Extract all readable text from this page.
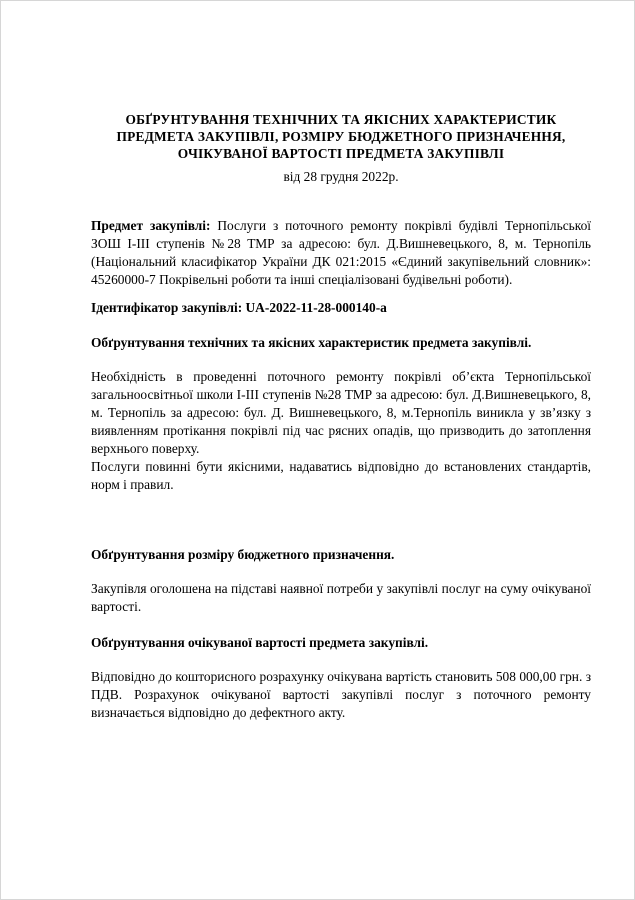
ОБҐРУНТУВАННЯ ТЕХНІЧНИХ ТА ЯКІСНИХ ХАРАКТЕРИСТИК ПРЕДМЕТА ЗАКУПІВЛІ, РОЗМІРУ БЮДЖЕТНОГО ПРИЗНАЧЕННЯ, ОЧІКУВАНОЇ ВАРТОСТІ ПРЕДМЕТА ЗАКУПІВЛІ
від 28 грудня 2022р.

Предмет закупівлі: Послуги з поточного ремонту покрівлі будівлі Тернопільської ЗОШ І-ІІІ ступенів №28 ТМР за адресою: бул. Д.Вишневецького, 8, м. Тернопіль (Національний класифікатор України ДК 021:2015 «Єдиний закупівельний словник»: 45260000-7 Покрівельні роботи та інші спеціалізовані будівельні роботи).

Ідентифікатор закупівлі: UA-2022-11-28-000140-a

Обґрунтування технічних та якісних характеристик предмета закупівлі.

Необхідність в проведенні поточного ремонту покрівлі об’єкта Тернопільської загальноосвітньої школи І-ІІІ ступенів №28 ТМР за адресою: бул. Д.Вишневецького, 8, м. Тернопіль за адресою: бул. Д. Вишневецького, 8, м.Тернопіль виникла у зв’язку з виявленням протікання покрівлі під час рясних опадів, що призводить до затоплення верхнього поверху.

Послуги повинні бути якісними, надаватись відповідно до встановлених стандартів, норм і правил.

Обґрунтування розміру бюджетного призначення.

Закупівля оголошена на підставі наявної потреби у закупівлі послуг на суму очікуваної вартості.

Обґрунтування очікуваної вартості предмета закупівлі.

Відповідно до кошторисного розрахунку очікувана вартість становить 508 000,00 грн. з ПДВ. Розрахунок очікуваної вартості закупівлі послуг з поточного ремонту визначається відповідно до дефектного акту.
